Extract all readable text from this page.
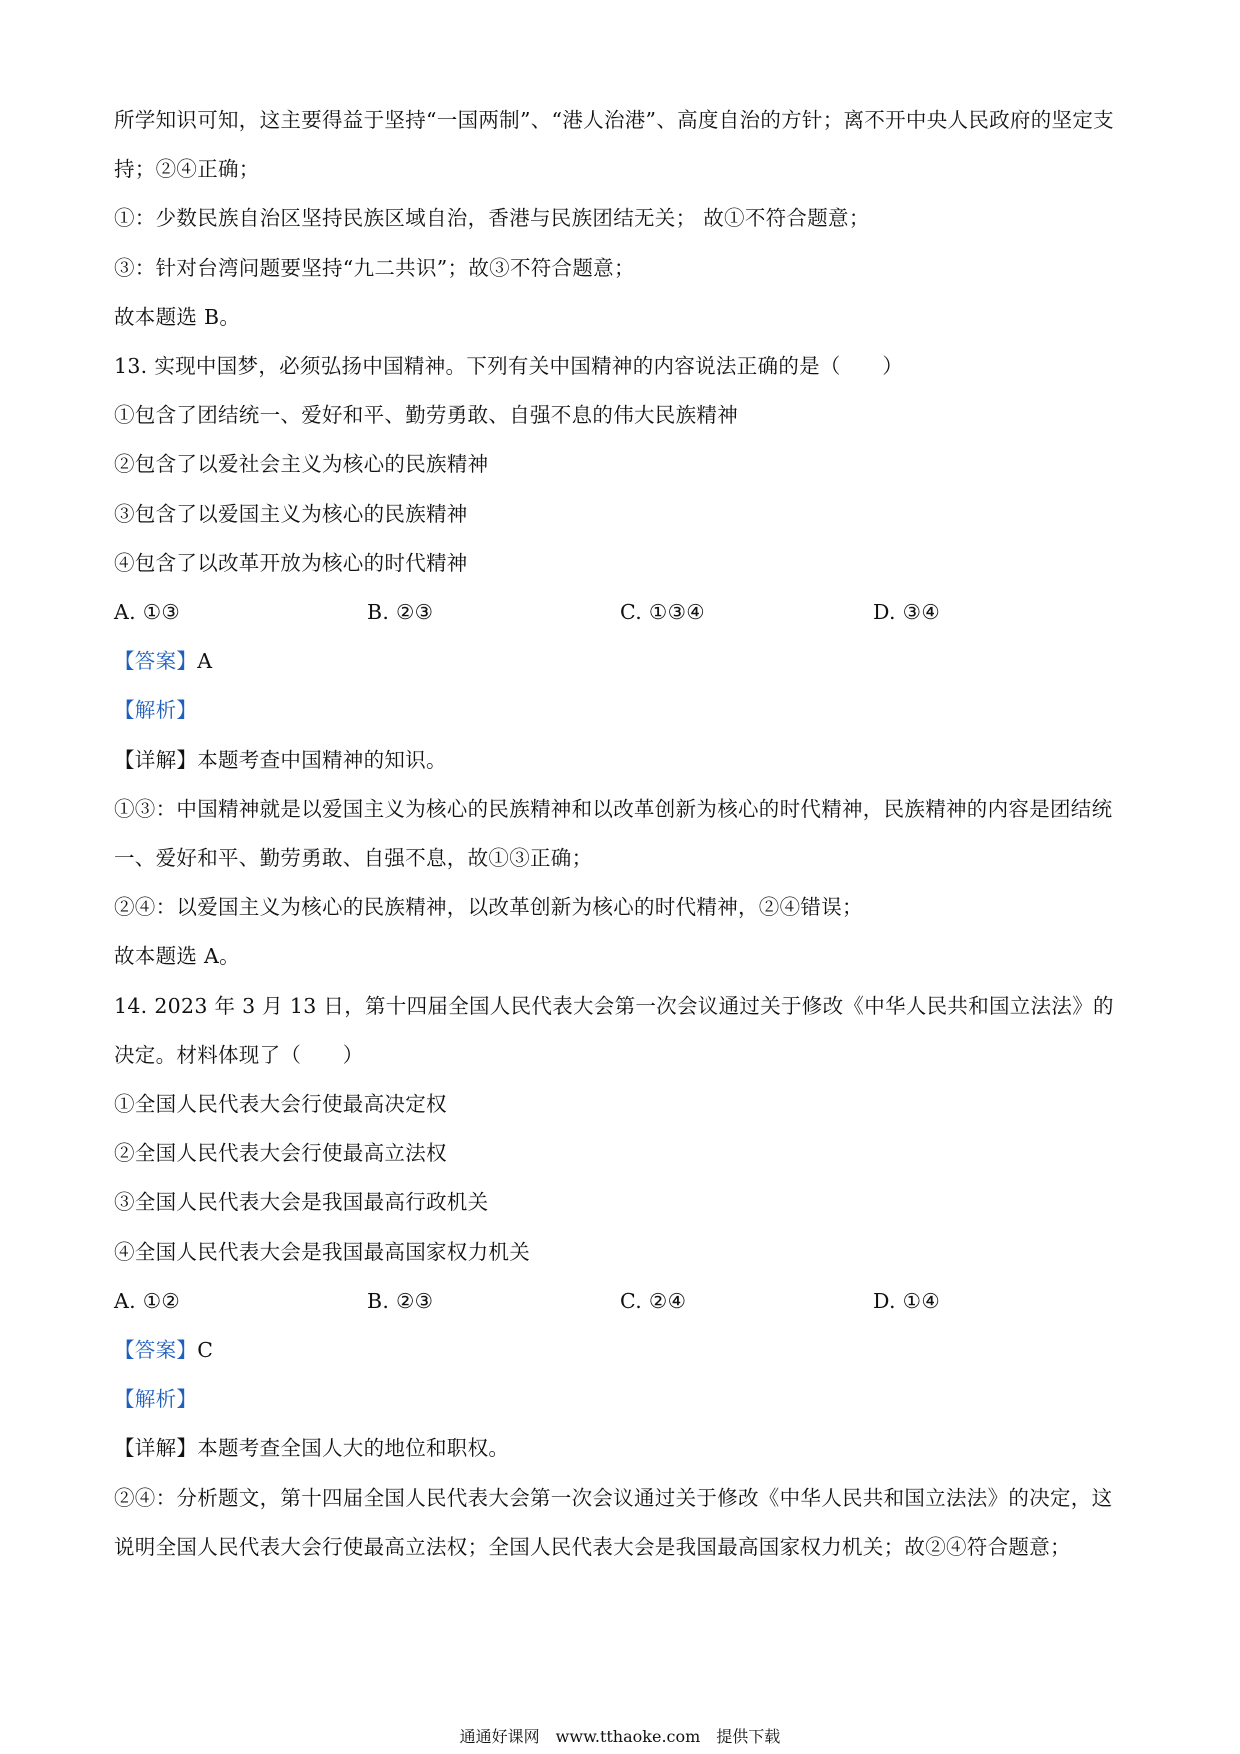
所学知识可知，这主要得益于坚持“一国两制”、“港人治港”、高度自治的方针；离不开中央人民政府的坚定支持；②④正确；

①：少数民族自治区坚持民族区域自治，香港与民族团结无关； 故①不符合题意；

③：针对台湾问题要坚持“九二共识”；故③不符合题意；

故本题选 B。

13. 实现中国梦，必须弘扬中国精神。下列有关中国精神的内容说法正确的是（　　）

①包含了团结统一、爱好和平、勤劳勇敢、自强不息的伟大民族精神

②包含了以爱社会主义为核心的民族精神

③包含了以爱国主义为核心的民族精神

④包含了以改革开放为核心的时代精神

A. ①③	B. ②③	C. ①③④	D. ③④

【答案】A

【解析】

【详解】本题考查中国精神的知识。

①③：中国精神就是以爱国主义为核心的民族精神和以改革创新为核心的时代精神，民族精神的内容是团结统一、爱好和平、勤劳勇敢、自强不息，故①③正确；

②④：以爱国主义为核心的民族精神，以改革创新为核心的时代精神，②④错误；

故本题选 A。

14. 2023 年 3 月 13 日，第十四届全国人民代表大会第一次会议通过关于修改《中华人民共和国立法法》的决定。材料体现了（　　）

①全国人民代表大会行使最高决定权

②全国人民代表大会行使最高立法权

③全国人民代表大会是我国最高行政机关

④全国人民代表大会是我国最高国家权力机关

A. ①②	B. ②③	C. ②④	D. ①④

【答案】C

【解析】

【详解】本题考查全国人大的地位和职权。

②④：分析题文，第十四届全国人民代表大会第一次会议通过关于修改《中华人民共和国立法法》的决定，这说明全国人民代表大会行使最高立法权；全国人民代表大会是我国最高国家权力机关；故②④符合题意；

通通好课网　www.tthaoke.com　提供下载
